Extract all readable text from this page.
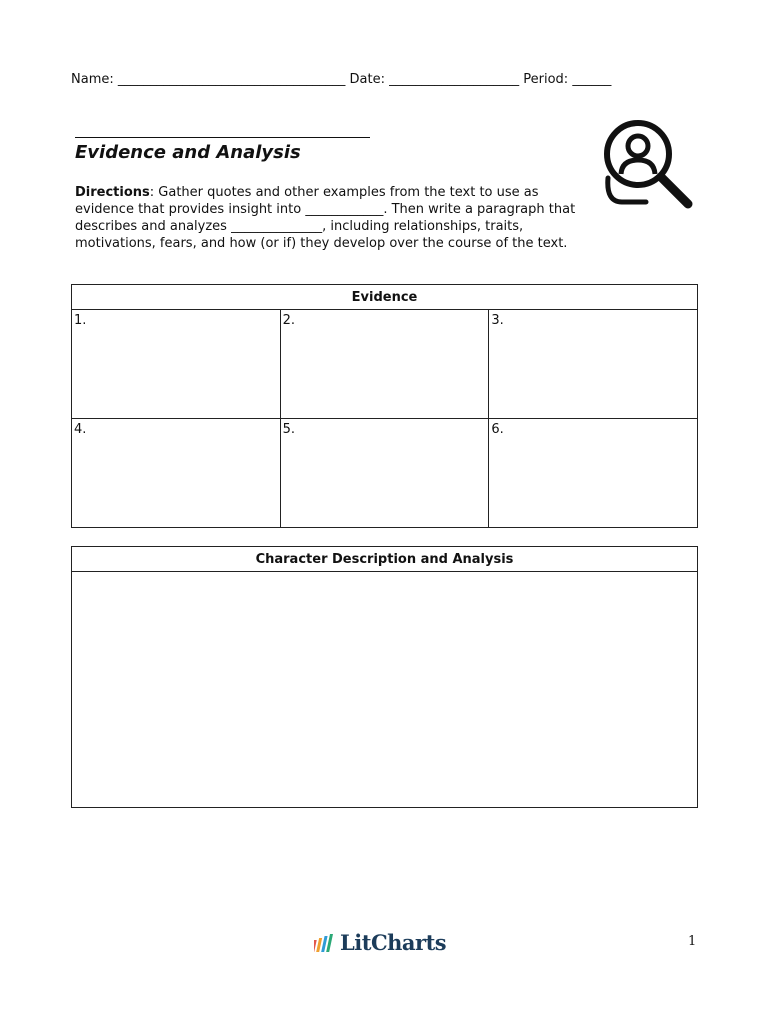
Name: ___________________________________ Date: ____________________ Period: ______
Evidence and Analysis
Directions: Gather quotes and other examples from the text to use as evidence that provides insight into ____________. Then write a paragraph that describes and analyzes ______________, including relationships, traits, motivations, fears, and how (or if) they develop over the course of the text.
Evidence		

1.	2.	3.

4.	5.	6.
Character Description and Analysis

LitCharts	1
